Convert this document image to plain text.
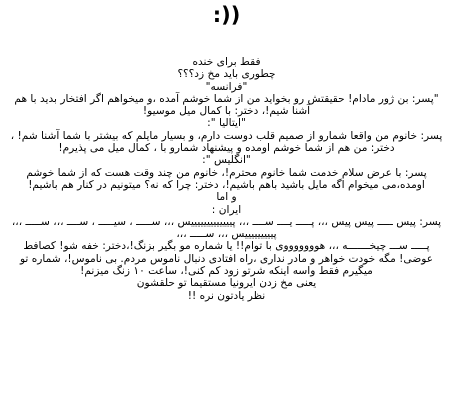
:))
فقط برای خنده
چطوری باید مخ زد؟؟؟
"فرانسه"
"پسر: بن ژور مادام! حقیقتش رو بخواید من از شما خوشم آمده ،و میخواهم اگر افتخار بدید با هم آشنا شیم!، دختر: با کمال میل موسیو!
"ایتالیا ":
پسر: خانوم من واقعا شمارو از صمیم قلب دوست دارم، و بسیار مایلم که بیشتر با شما آشنا شم! ، دختر: من هم از شما خوشم اومده و پیشنهاد شمارو با ، کمال میل می پذیرم!
"انگلیس ":
پسر: با عرض سلام خدمت شما خانوم محترم!، خانوم من چند وقت هست که از شما خوشم اومده،می میخوام اگه مایل باشید باهم باشیم!، دختر: چرا که نه؟ میتونیم در کنار هم باشیم!
و اما
ایران :
پسر: پیس ـــــ پیس پیس ،،، پـــــ یــــ ســــ ،،، پیییییییییییییس ،،، ســـــ ، سیـــــ ، ســــ ،،، ســـــ ،،، پیییییییییس ،،، ســـــ ،،،
پـــــ ســـ چیخـــــــه ،،، هوووووووی با توام!! یا شماره مو بگیر بزنگ!،دختر: خفه شو! کصافط عوضی! مگه خودت خواهر و مادر نداری ،راه افتادی دنبال ناموس مردم. بی ناموس!، شماره تو میگیرم فقط واسه اینکه شرتو زود کم کنی!، ساعت ۱۰ زنگ میزنم!
یعنی مخ زدن ایرونیا مستقیما تو حلقشون
نظر یادتون نره !!
